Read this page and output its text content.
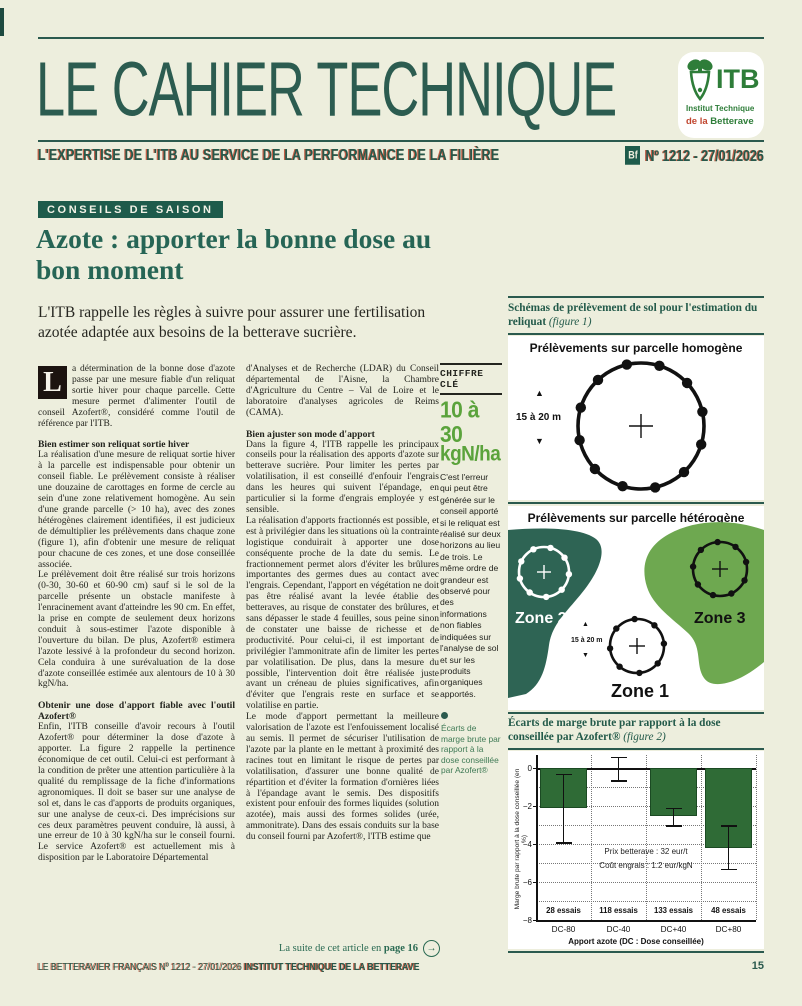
LE CAHIER TECHNIQUE	ITB
Institut Technique
de la Betterave
L'EXPERTISE DE L'ITB AU SERVICE DE LA PERFORMANCE DE LA FILIÈRE	Bf Nº 1212 - 27/01/2026
CONSEILS DE SAISON
Azote : apporter la bonne dose au bon moment

L'ITB rappelle les règles à suivre pour assurer une fertilisation azotée adaptée aux besoins de la betterave sucrière.

L	a détermination de la bonne dose d'azote passe par une mesure fiable d'un reliquat sortie hiver pour chaque parcelle. Cette mesure permet d'alimenter l'outil de conseil Azofert®, considéré comme l'outil de référence par l'ITB.

Bien estimer son reliquat sortie hiver

La réalisation d'une mesure de reliquat sortie hiver à la parcelle est indispensable pour obtenir un conseil fiable. Le prélèvement consiste à réaliser une douzaine de carottages en forme de cercle au sein d'une zone relativement homogène. Au sein d'une grande parcelle (> 10 ha), avec des zones hétérogènes clairement identifiées, il est judicieux de démultiplier les prélèvements dans chaque zone (figure 1), afin d'obtenir une mesure de reliquat pour chacune de ces zones, et une dose conseillée associée.

Le prélèvement doit être réalisé sur trois horizons (0-30, 30-60 et 60-90 cm) sauf si le sol de la parcelle présente un obstacle manifeste à l'enracinement avant d'atteindre les 90 cm. En effet, la prise en compte de seulement deux horizons conduit à sous-estimer l'azote disponible à l'ouverture du bilan. De plus, Azofert® estimera l'azote lessivé à la profondeur du second horizon. Cela conduira à une surévaluation de la dose d'azote conseillée estimée aux alentours de 10 à 30 kgN/ha.

Obtenir une dose d'apport fiable avec l'outil Azofert®

Enfin, l'ITB conseille d'avoir recours à l'outil Azofert® pour déterminer la dose d'azote à apporter. La figure 2 rappelle la pertinence économique de cet outil. Celui-ci est performant à la condition de prêter une attention particulière à la qualité du remplissage de la fiche d'informations agronomiques. Il doit se baser sur une analyse de sol et, dans le cas d'apports de produits organiques, sur une analyse de ceux-ci. Des imprécisions sur ces deux paramètres peuvent conduire, là aussi, à une erreur de 10 à 30 kgN/ha sur le conseil fourni. Le service Azofert® est actuellement mis à disposition par le Laboratoire Départemental

d'Analyses et de Recherche (LDAR) du Conseil départemental de l'Aisne, la Chambre d'Agriculture du Centre – Val de Loire et le laboratoire d'analyses agricoles de Reims (CAMA).

Bien ajuster son mode d'apport

Dans la figure 4, l'ITB rappelle les principaux conseils pour la réalisation des apports d'azote sur betterave sucrière. Pour limiter les pertes par volatilisation, il est conseillé d'enfouir l'engrais dans les heures qui suivent l'épandage, en particulier si la forme d'engrais employée y est sensible.

La réalisation d'apports fractionnés est possible, et est à privilégier dans les situations où la contrainte logistique conduirait à apporter une dose conséquente proche de la date du semis. Le fractionnement permet alors d'éviter les brûlures importantes des germes dues au contact avec l'engrais. Cependant, l'apport en végétation ne doit pas être réalisé avant la levée établie des betteraves, au risque de constater des brûlures, et sans dépasser le stade 4 feuilles, sous peine sinon de constater une baisse de richesse et de productivité. Pour celui-ci, il est important de privilégier l'ammonitrate afin de limiter les pertes par volatilisation. De plus, dans la mesure du possible, l'intervention doit être réalisée juste avant un créneau de pluies significatives, afin d'éviter que l'engrais reste en surface et se volatilise en partie.

Le mode d'apport permettant la meilleure valorisation de l'azote est l'enfouissement localisé au semis. Il permet de sécuriser l'utilisation de l'azote par la plante en le mettant à proximité des racines tout en limitant le risque de pertes par volatilisation, d'assurer une bonne qualité de répartition et d'éviter la formation d'ornières liées à l'épandage avant le semis. Des dispositifs existent pour enfouir des formes liquides (solution azotée), mais aussi des formes solides (urée, ammonitrate). Dans des essais conduits sur la base du conseil fourni par Azofert®, l'ITB estime que

La suite de cet article en page 16 →
CHIFFRE CLÉ
10 à 30
kgN/ha
C'est l'erreur qui peut être générée sur le conseil apporté si le reliquat est réalisé sur deux horizons au lieu de trois. Le même ordre de grandeur est observé pour des informations non fiables indiquées sur l'analyse de sol et sur les produits organiques apportés.
Écarts de marge brute par rapport à la dose conseillée par Azofert®
Schémas de prélèvement de sol pour l'estimation du reliquat (figure 1)
Prélèvements sur parcelle homogène
▲
15 à 20 m
▼
Prélèvements sur parcelle hétérogène
Zone 2	Zone 3
Zone 1
▲
15 à 20 m
▼
Écarts de marge brute par rapport à la dose conseillée par Azofert® (figure 2)
Marge brute par rapport à la dose conseillée (en %)
0
−2
−4
−6
−8
28 essais
DC-80
118 essais
DC-40
133 essais
DC+40
48 essais
DC+80
Prix betterave : 32 eur/t
Coût engrais : 1.2 eur/kgN
Apport azote (DC : Dose conseillée)
LE BETTERAVIER FRANÇAIS Nº 1212 - 27/01/2026 INSTITUT TECHNIQUE DE LA BETTERAVE	15
